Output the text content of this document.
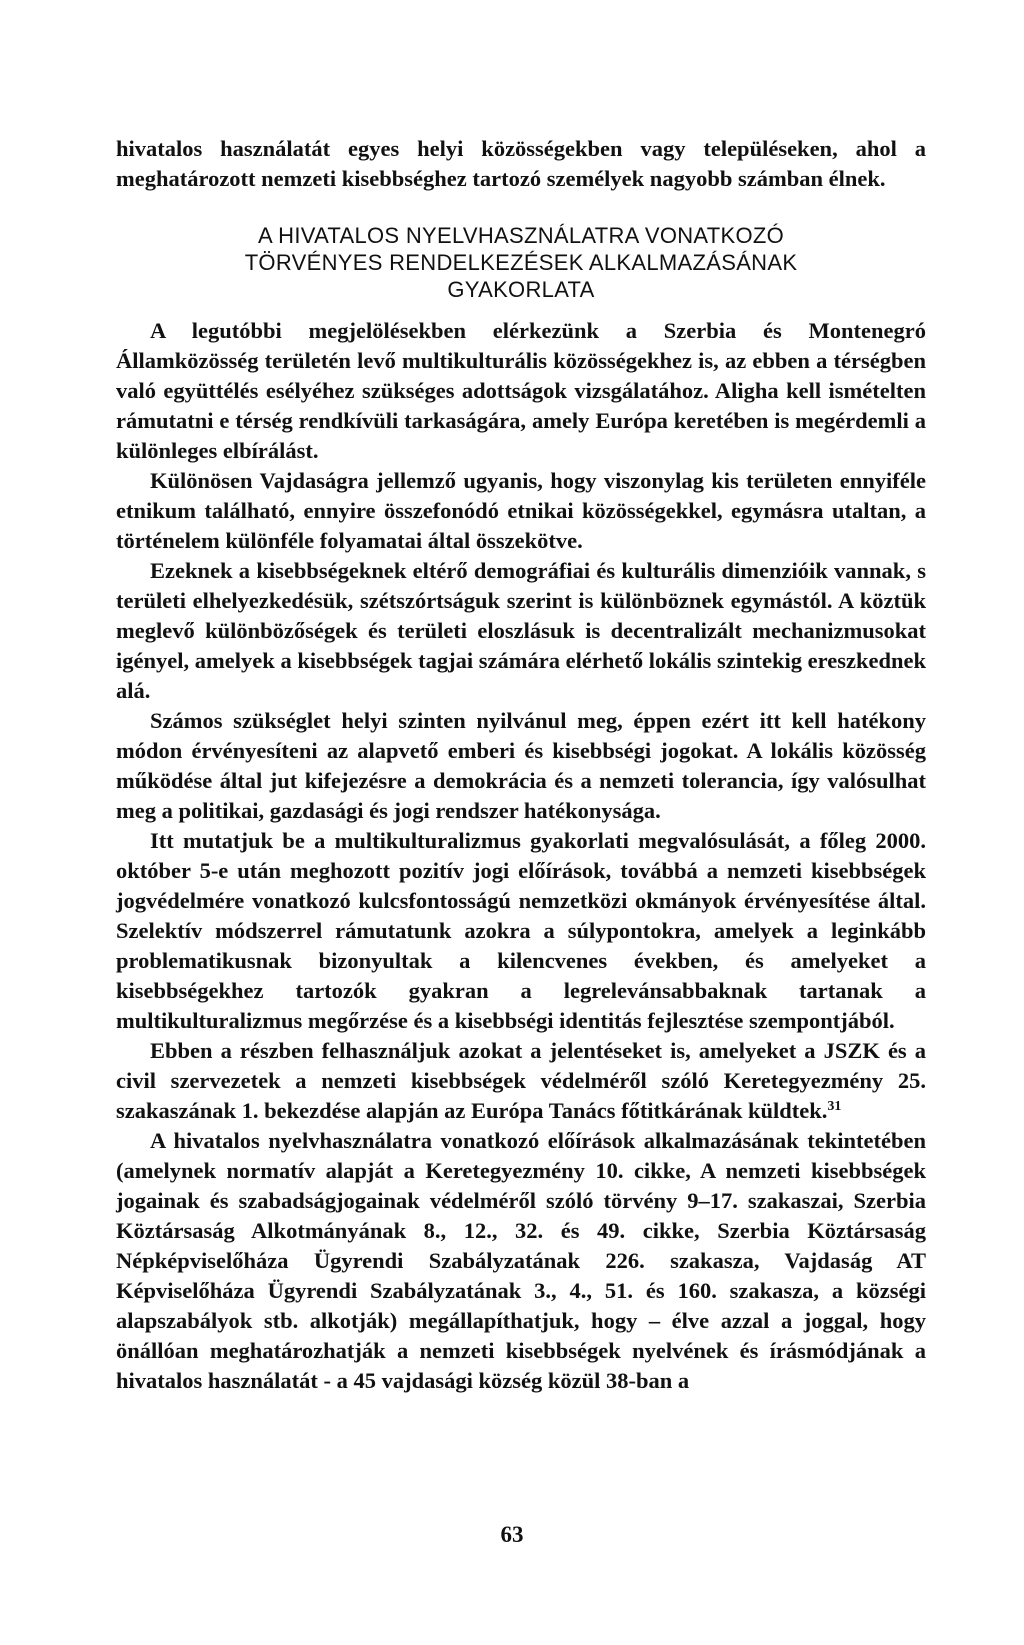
hivatalos használatát egyes helyi közösségekben vagy településeken, ahol a meghatározott nemzeti kisebbséghez tartozó személyek nagyobb számban élnek.

A HIVATALOS NYELVHASZNÁLATRA VONATKOZÓ
TÖRVÉNYES RENDELKEZÉSEK ALKALMAZÁSÁNAK
GYAKORLATA

A legutóbbi megjelölésekben elérkezünk a Szerbia és Montenegró Államközösség területén levő multikulturális közösségekhez is, az ebben a térségben való együttélés esélyéhez szükséges adottságok vizsgálatához. Aligha kell ismételten rámutatni e térség rendkívüli tarkaságára, amely Európa keretében is megérdemli a különleges elbírálást.

Különösen Vajdaságra jellemző ugyanis, hogy viszonylag kis területen ennyiféle etnikum található, ennyire összefonódó etnikai közösségekkel, egymásra utaltan, a történelem különféle folyamatai által összekötve.

Ezeknek a kisebbségeknek eltérő demográfiai és kulturális dimenzióik vannak, s területi elhelyezkedésük, szétszórtságuk szerint is különböznek egymástól. A köztük meglevő különbözőségek és területi eloszlásuk is decentralizált mechanizmusokat igényel, amelyek a kisebbségek tagjai számára elérhető lokális szintekig ereszkednek alá.

Számos szükséglet helyi szinten nyilvánul meg, éppen ezért itt kell hatékony módon érvényesíteni az alapvető emberi és kisebbségi jogokat. A lokális közösség működése által jut kifejezésre a demokrácia és a nemzeti tolerancia, így valósulhat meg a politikai, gazdasági és jogi rendszer hatékonysága.

Itt mutatjuk be a multikulturalizmus gyakorlati megvalósulását, a főleg 2000. október 5-e után meghozott pozitív jogi előírások, továbbá a nemzeti kisebbségek jogvédelmére vonatkozó kulcsfontosságú nemzetközi okmányok érvényesítése által. Szelektív módszerrel rámutatunk azokra a súlypontokra, amelyek a leginkább problematikusnak bizonyultak a kilencvenes években, és amelyeket a kisebbségekhez tartozók gyakran a legrelevánsabbaknak tartanak a multikulturalizmus megőrzése és a kisebbségi identitás fejlesztése szempontjából.

Ebben a részben felhasználjuk azokat a jelentéseket is, amelyeket a JSZK és a civil szervezetek a nemzeti kisebbségek védelméről szóló Keretegyezmény 25. szakaszának 1. bekezdése alapján az Európa Tanács főtitkárának küldtek.$^{31}$

A hivatalos nyelvhasználatra vonatkozó előírások alkalmazásának tekintetében (amelynek normatív alapját a Keretegyezmény 10. cikke, A nemzeti kisebbségek jogainak és szabadságjogainak védelméről szóló törvény 9–17. szakaszai, Szerbia Köztársaság Alkotmányának 8., 12., 32. és 49. cikke, Szerbia Köztársaság Népképviselőháza Ügyrendi Szabályzatának 226. szakasza, Vajdaság AT Képviselőháza Ügyrendi Szabályzatának 3., 4., 51. és 160. szakasza, a községi alapszabályok stb. alkotják) megállapíthatjuk, hogy – élve azzal a joggal, hogy önállóan meghatározhatják a nemzeti kisebbségek nyelvének és írásmódjának a hivatalos használatát - a 45 vajdasági község közül 38-ban a

63
